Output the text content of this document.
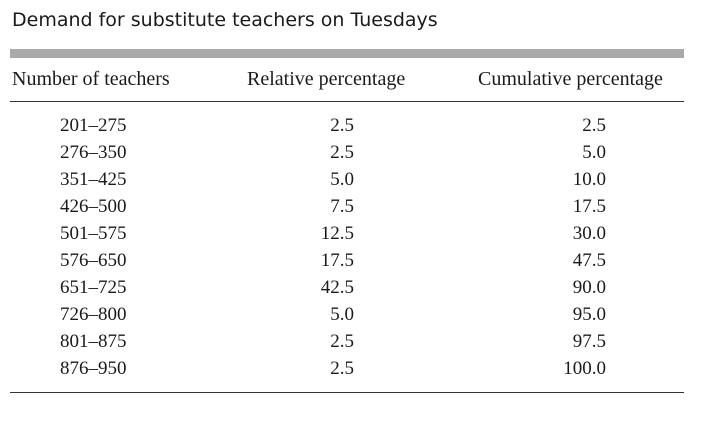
Demand for substitute teachers on Tuesdays
Number of teachers	Relative percentage	Cumulative percentage
201–275	2.5	2.5
276–350	2.5	5.0
351–425	5.0	10.0
426–500	7.5	17.5
501–575	12.5	30.0
576–650	17.5	47.5
651–725	42.5	90.0
726–800	5.0	95.0
801–875	2.5	97.5
876–950	2.5	100.0
